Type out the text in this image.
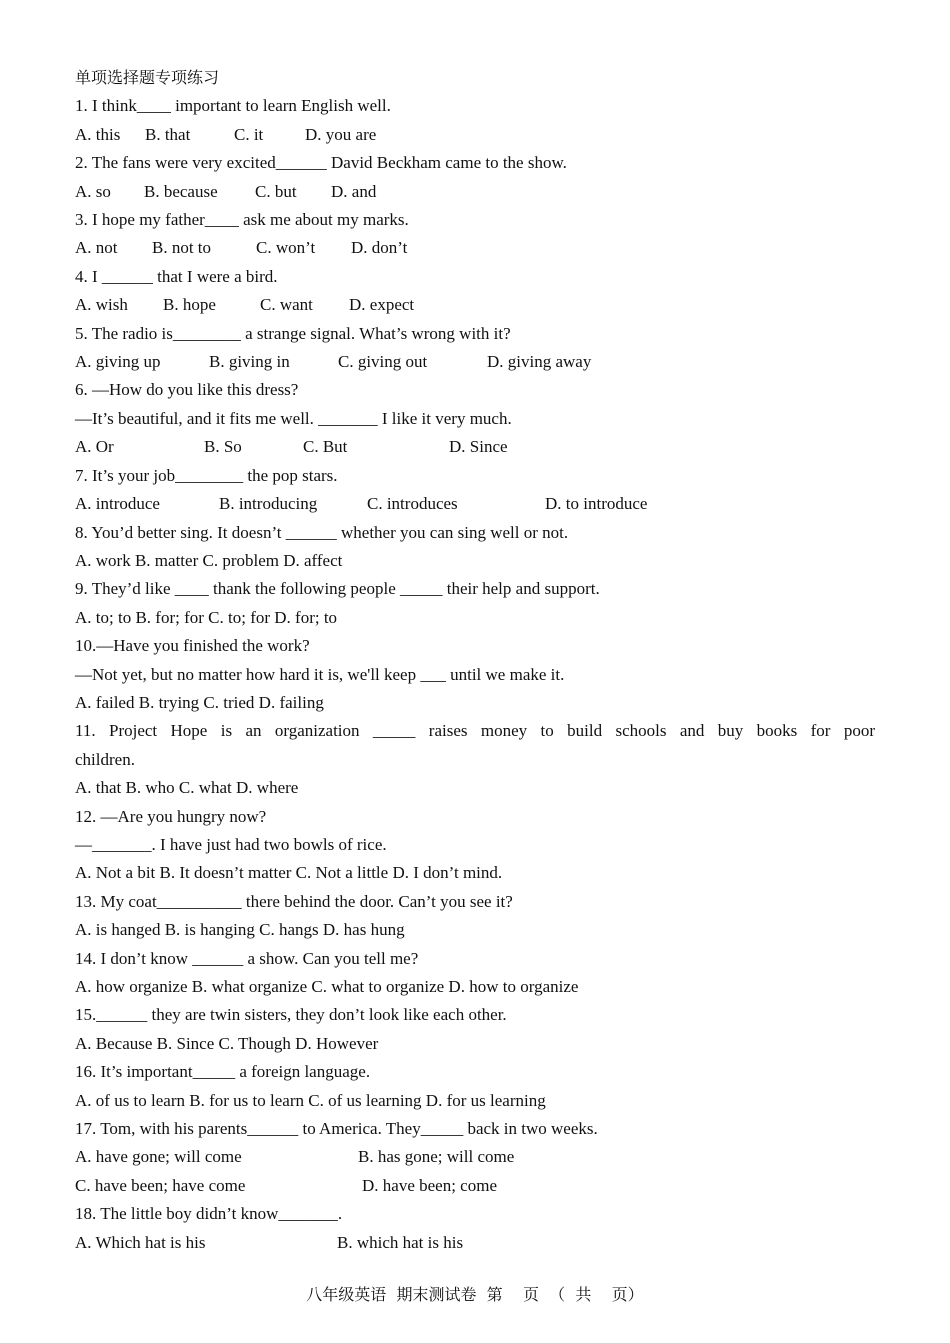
单项选择题专项练习
1. I think____ important to learn English well.
A. this B. that	C. it D. you are
2. The fans were very excited______ David Beckham came to the show.
A. so B. because C. but D. and
3. I hope my father____ ask me about my marks.
A. not B. not to	C. won’t D. don’t
4. I ______ that I were a bird.
A. wish B. hope	C. want D. expect
5. The radio is________ a strange signal. What’s wrong with it?
A. giving up	B. giving in	C. giving out	D. giving away
6. —How do you like this dress?
—It’s beautiful, and it fits me well. _______ I like it very much.
A. Or	B. So	C. But	D. Since
7. It’s your job________ the pop stars.
A. introduce	B. introducing	C. introduces	D. to introduce
8. You’d better sing. It doesn’t ______ whether you can sing well or not.
A. work B. matter C. problem D. affect
9. They’d like ____ thank the following people _____ their help and support.
A. to; to B. for; for C. to; for D. for; to
10.—Have you finished the work?
—Not yet, but no matter how hard it is, we'll keep ___ until we make it.
A. failed B. trying C. tried D. failing
11. Project Hope is an organization _____ raises money to build schools and buy books for poor
children.
A. that B. who C. what D. where
12. —Are you hungry now?
—_______. I have just had two bowls of rice.
A. Not a bit B. It doesn’t matter C. Not a little D. I don’t mind.
13. My coat__________ there behind the door. Can’t you see it?
A. is hanged B. is hanging C. hangs D. has hung
14. I don’t know ______ a show. Can you tell me?
A. how organize B. what organize C. what to organize D. how to organize
15.______ they are twin sisters, they don’t look like each other.
A. Because B. Since C. Though D. However
16. It’s important_____ a foreign language.
A. of us to learn B. for us to learn C. of us learning D. for us learning
17. Tom, with his parents______ to America. They_____ back in two weeks.
A. have gone; will come	B. has gone; will come
C. have been; have come	D. have been; come
18. The little boy didn’t know_______.
A. Which hat is his	B. which hat is his
八年级英语  期末测试卷  第    页  （  共    页）
